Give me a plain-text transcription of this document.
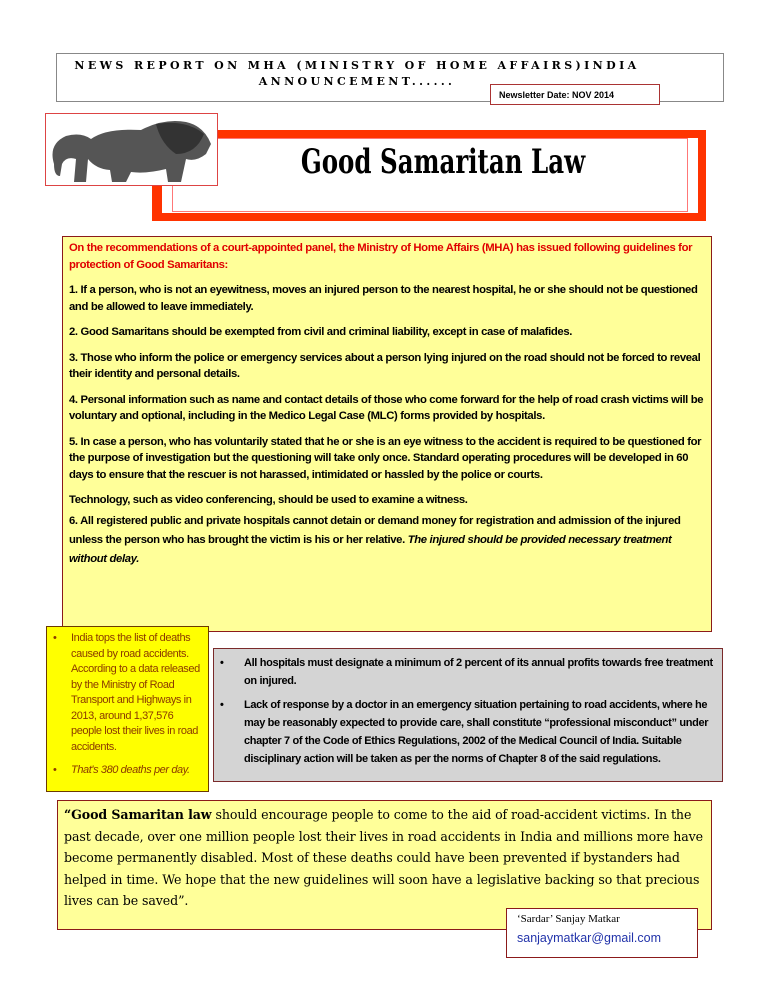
Newsletter Date: NOV 2014
NEWS REPORT ON MHA (MINISTRY OF HOME AFFAIRS)INDIA
ANNOUNCEMENT......
Good Samaritan Law

On the recommendations of a court-appointed panel, the Ministry of Home Affairs (MHA) has issued following guidelines for protection of Good Samaritans:

1. If a person, who is not an eyewitness, moves an injured person to the nearest hospital, he or she should not be questioned and be allowed to leave immediately.

2. Good Samaritans should be exempted from civil and criminal liability, except in case of malafides.

3. Those who inform the police or emergency services about a person lying injured on the road should not be forced to reveal their identity and personal details.

4. Personal information such as name and contact details of those who come forward for the help of road crash victims will be voluntary and optional, including in the Medico Legal Case (MLC) forms provided by hospitals.

5. In case a person, who has voluntarily stated that he or she is an eye witness to the accident is required to be questioned for the purpose of investigation but the questioning will take only once. Standard operating procedures will be developed in 60 days to ensure that the rescuer is not harassed, intimidated or hassled by the police or courts.

Technology, such as video conferencing, should be used to examine a witness.

6. All registered public and private hospitals cannot detain or demand money for registration and admission of the injured unless the person who has brought the victim is his or her relative. The injured should be provided necessary treatment without delay.

• India tops the list of deaths caused by road accidents. According to a data released by the Ministry of Road Transport and Highways in 2013, around 1,37,576 people lost their lives in road accidents.
• That's 380 deaths per day.
• All hospitals must designate a minimum of 2 percent of its annual profits towards free treatment on injured.
• Lack of response by a doctor in an emergency situation pertaining to road accidents, where he may be reasonably expected to provide care, shall constitute “professional misconduct” under chapter 7 of the Code of Ethics Regulations, 2002 of the Medical Council of India. Suitable disciplinary action will be taken as per the norms of Chapter 8 of the said regulations.
“Good Samaritan law should encourage people to come to the aid of road-accident victims. In the past decade, over one million people lost their lives in road accidents in India and millions more have become permanently disabled. Most of these deaths could have been prevented if bystanders had helped in time. We hope that the new guidelines will soon have a legislative backing so that precious lives can be saved”.
‘Sardar’ Sanjay Matkar
sanjaymatkar@gmail.com
